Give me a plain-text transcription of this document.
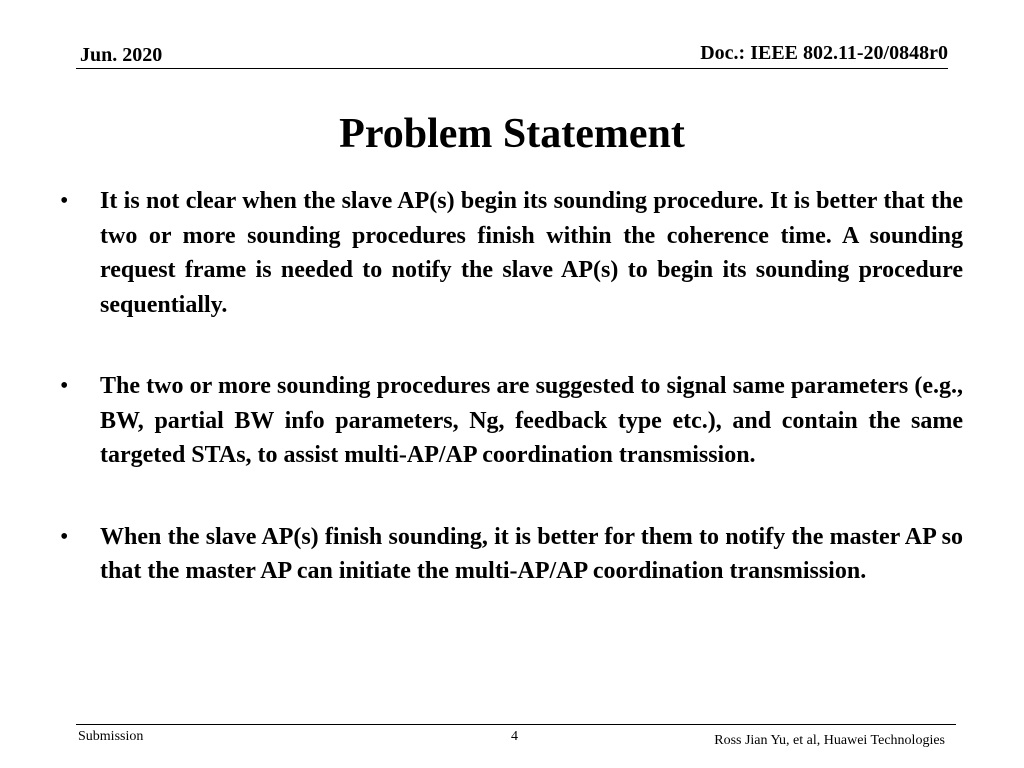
Jun. 2020	Doc.: IEEE 802.11-20/0848r0
Problem Statement
• It is not clear when the slave AP(s) begin its sounding procedure. It is better that the two or more sounding procedures finish within the coherence time. A sounding request frame is needed to notify the slave AP(s) to begin its sounding procedure sequentially.
• The two or more sounding procedures are suggested to signal same parameters (e.g., BW, partial BW info parameters, Ng, feedback type etc.), and contain the same targeted STAs, to assist multi-AP/AP coordination transmission.
• When the slave AP(s) finish sounding, it is better for them to notify the master AP so that the master AP can initiate the multi-AP/AP coordination transmission.
Submission	4	Ross Jian Yu, et al, Huawei Technologies
